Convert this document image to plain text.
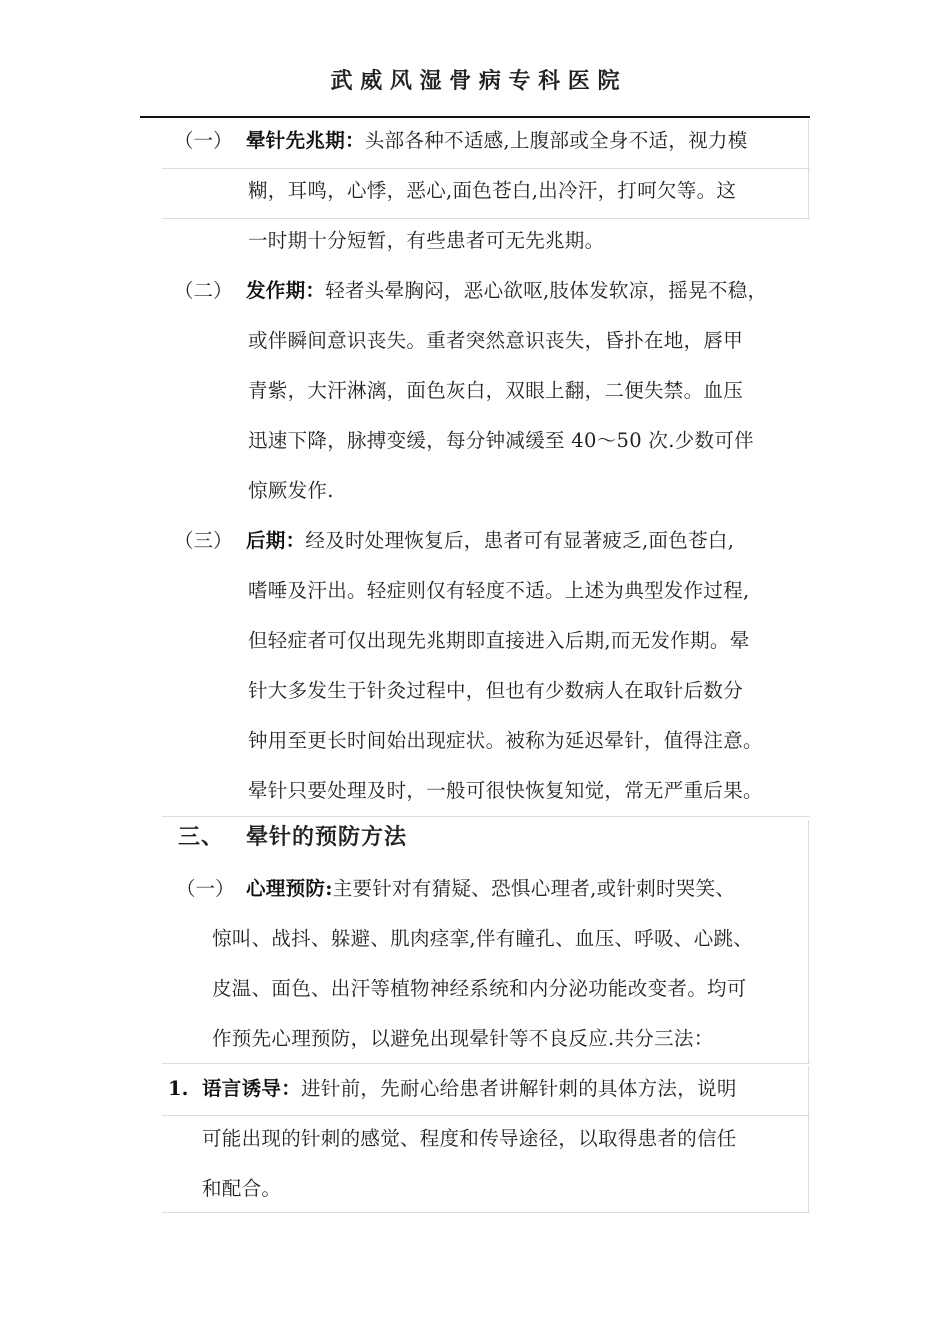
武 威 风 湿 骨 病 专 科 医 院
（一） 晕针先兆期：头部各种不适感,上腹部或全身不适，视力模
糊，耳鸣，心悸，恶心,面色苍白,出冷汗，打呵欠等。这
一时期十分短暂，有些患者可无先兆期。
（二） 发作期：轻者头晕胸闷，恶心欲呕,肢体发软凉，摇晃不稳，
或伴瞬间意识丧失。重者突然意识丧失，昏扑在地，唇甲
青紫，大汗淋漓，面色灰白，双眼上翻，二便失禁。血压
迅速下降，脉搏变缓，每分钟减缓至 40～50 次.少数可伴
惊厥发作.
（三） 后期：经及时处理恢复后，患者可有显著疲乏,面色苍白,
嗜唾及汗出。轻症则仅有轻度不适。上述为典型发作过程,
但轻症者可仅出现先兆期即直接进入后期,而无发作期。晕
针大多发生于针灸过程中，但也有少数病人在取针后数分
钟用至更长时间始出现症状。被称为延迟晕针，值得注意。
晕针只要处理及时，一般可很快恢复知觉，常无严重后果。
三、 晕针的预防方法
（一） 心理预防:主要针对有猜疑、恐惧心理者,或针刺时哭笑、
惊叫、战抖、躲避、肌肉痉挛,伴有瞳孔、血压、呼吸、心跳、
皮温、面色、出汗等植物神经系统和内分泌功能改变者。均可
作预先心理预防，以避免出现晕针等不良反应.共分三法：
1. 语言诱导：进针前，先耐心给患者讲解针刺的具体方法，说明
可能出现的针刺的感觉、程度和传导途径，以取得患者的信任
和配合。
